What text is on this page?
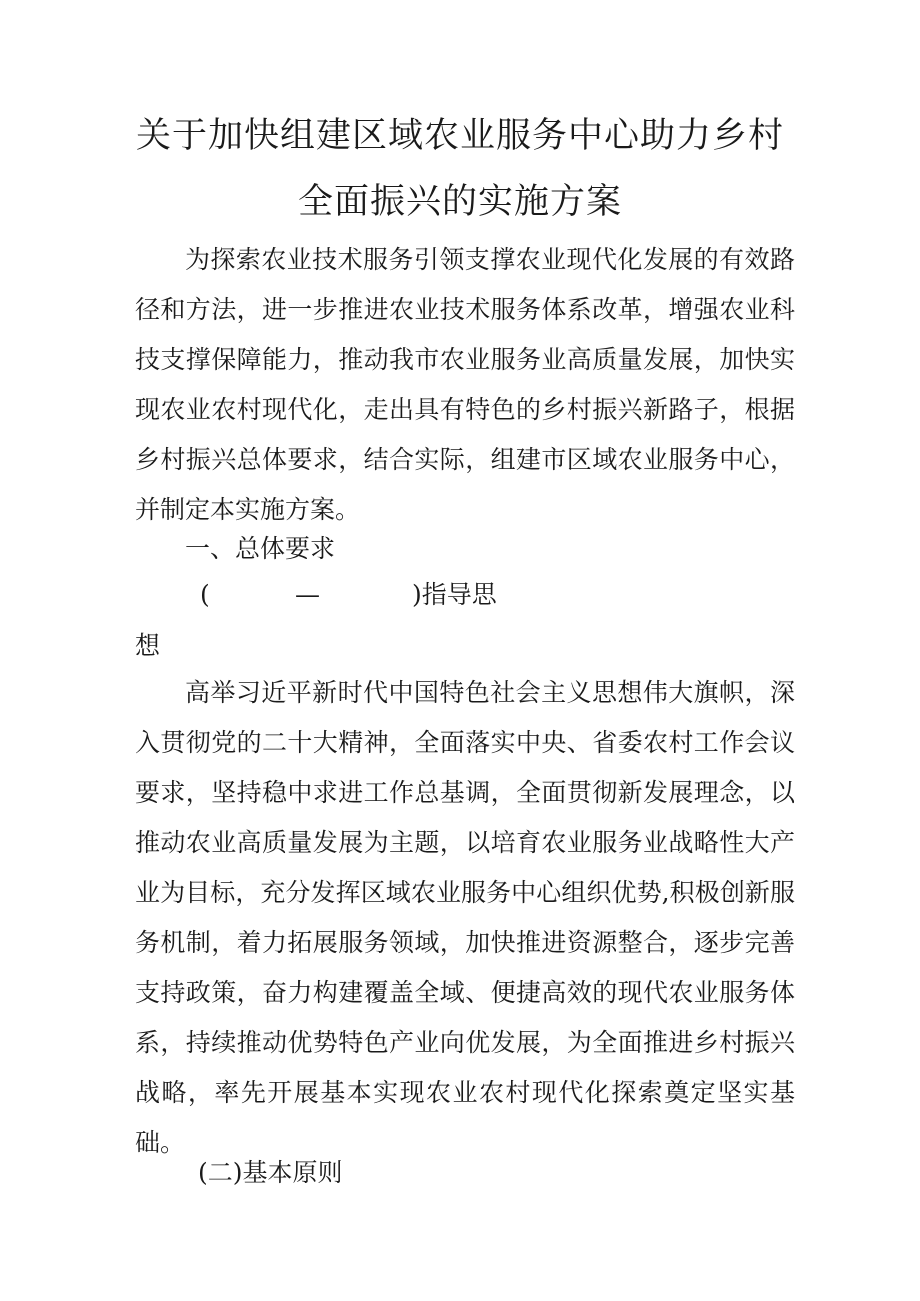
关于加快组建区域农业服务中心助力乡村
全面振兴的实施方案

为探索农业技术服务引领支撑农业现代化发展的有效路径和方法，进一步推进农业技术服务体系改革，增强农业科技支撑保障能力，推动我市农业服务业高质量发展，加快实现农业农村现代化，走出具有特色的乡村振兴新路子，根据乡村振兴总体要求，结合实际，组建市区域农业服务中心，并制定本实施方案。

一、总体要求
(	—	)指导思
想

高举习近平新时代中国特色社会主义思想伟大旗帜，深入贯彻党的二十大精神，全面落实中央、省委农村工作会议要求，坚持稳中求进工作总基调，全面贯彻新发展理念，以推动农业高质量发展为主题，以培育农业服务业战略性大产业为目标，充分发挥区域农业服务中心组织优势,积极创新服务机制，着力拓展服务领域，加快推进资源整合，逐步完善支持政策，奋力构建覆盖全域、便捷高效的现代农业服务体系，持续推动优势特色产业向优发展，为全面推进乡村振兴战略，率先开展基本实现农业农村现代化探索奠定坚实基础。

(二)基本原则
